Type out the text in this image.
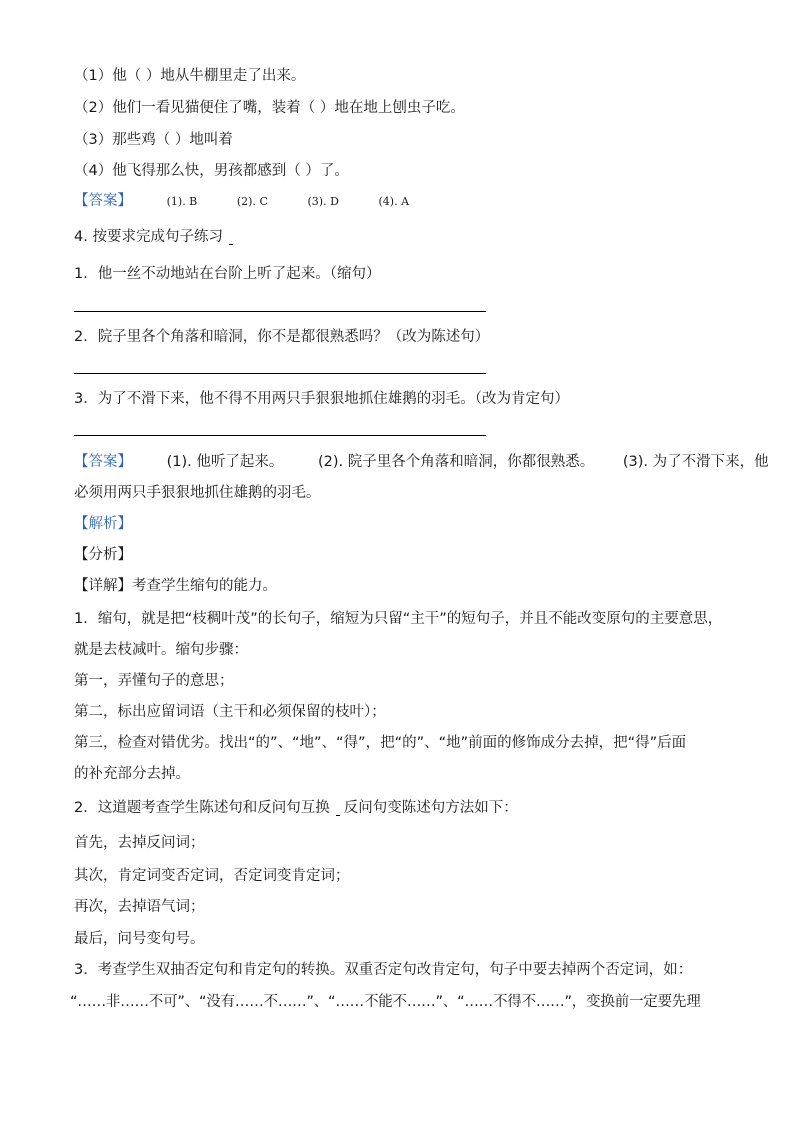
（1）他（ ）地从牛棚里走了出来。
（2）他们一看见猫便住了嘴，装着（ ）地在地上刨虫子吃。
（3）那些鸡（ ）地叫着
（4）他飞得那么快，男孩都感到（ ）了。
【答案】	(1). B	(2). C	(3). D	(4). A
4. 按要求完成句子练习
1．他一丝不动地站在台阶上听了起来。（缩句）
2．院子里各个角落和暗洞，你不是都很熟悉吗？（改为陈述句）
3．为了不滑下来，他不得不用两只手狠狠地抓住雄鹅的羽毛。（改为肯定句）
【答案】 (1). 他听了起来。 (2). 院子里各个角落和暗洞，你都很熟悉。 (3). 为了不滑下来，他
必须用两只手狠狠地抓住雄鹅的羽毛。
【解析】
【分析】
【详解】考查学生缩句的能力。
1．缩句，就是把“枝稠叶茂”的长句子，缩短为只留“主干”的短句子，并且不能改变原句的主要意思，
就是去枝减叶。缩句步骤：
第一，弄懂句子的意思；
第二，标出应留词语（主干和必须保留的枝叶）；
第三，检查对错优劣。找出“的”、“地”、“得”，把“的”、“地”前面的修饰成分去掉，把“得”后面
的补充部分去掉。
2．这道题考查学生陈述句和反问句互换 反问句变陈述句方法如下：
首先，去掉反问词；
其次，肯定词变否定词，否定词变肯定词；
再次，去掉语气词；
最后，问号变句号。
3．考查学生双抽否定句和肯定句的转换。双重否定句改肯定句，句子中要去掉两个否定词，如：
“……非……不可”、“没有……不……”、“……不能不……”、“……不得不……”，变换前一定要先理
